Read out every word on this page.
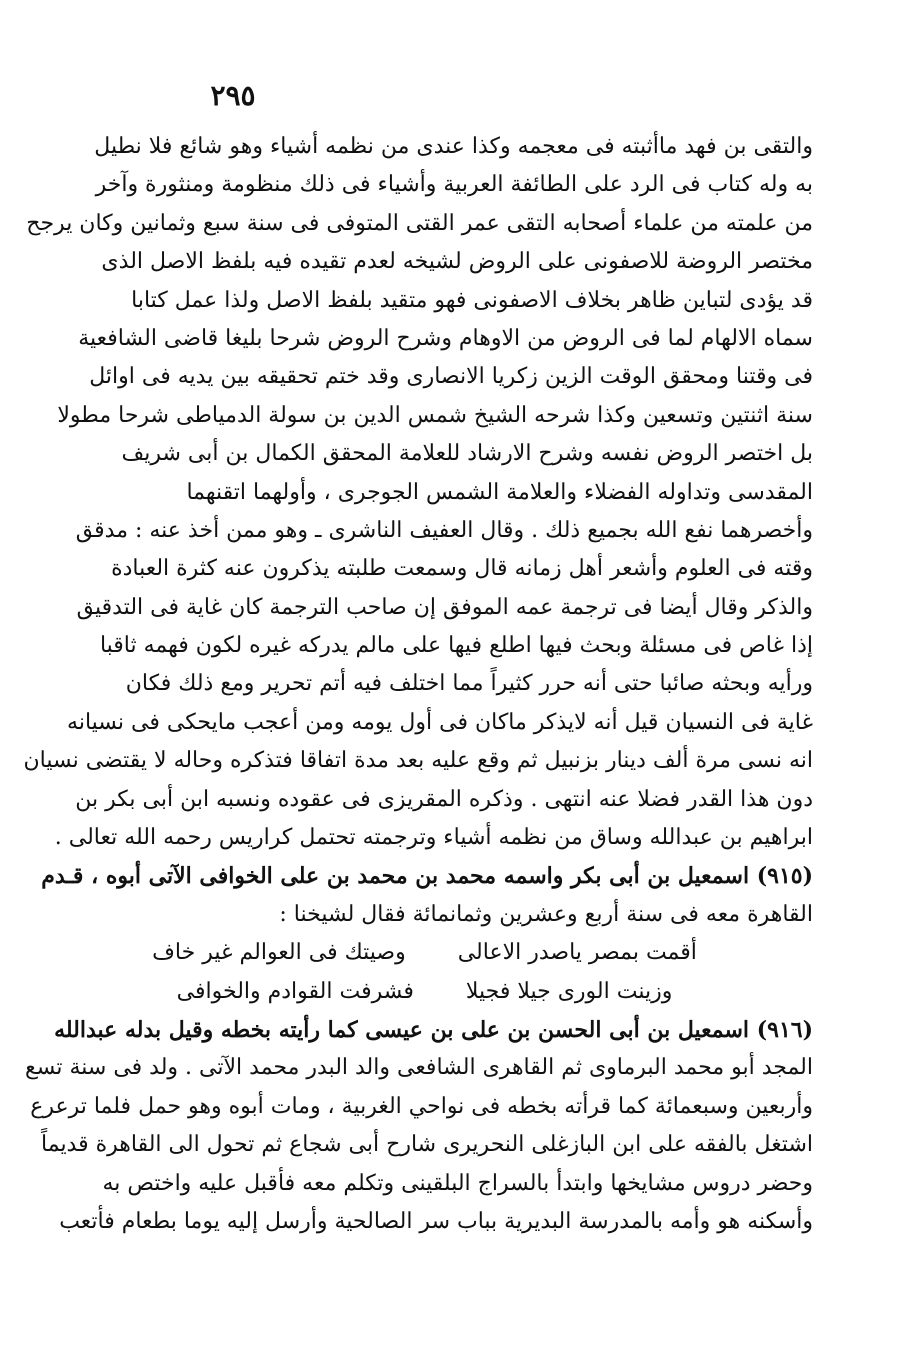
٢٩٥
والتقى بن فهد ماأثبته فى معجمه وكذا عندى من نظمه أشياء وهو شائع فلا نطيل
به وله كتاب فى الرد على الطائفة العربية وأشياء فى ذلك منظومة ومنثورة وآخر
من علمته من علماء أصحابه التقى عمر القتى المتوفى فى سنة سبع وثمانين وكان يرجح
مختصر الروضة للاصفونى على الروض لشيخه لعدم تقيده فيه بلفظ الاصل الذى
قد يؤدى لتباين ظاهر بخلاف الاصفونى فهو متقيد بلفظ الاصل ولذا عمل كتابا
سماه الالهام لما فى الروض من الاوهام وشرح الروض شرحا بليغا قاضى الشافعية
فى وقتنا ومحقق الوقت الزين زكريا الانصارى وقد ختم تحقيقه بين يديه فى اوائل
سنة اثنتين وتسعين وكذا شرحه الشيخ شمس الدين بن سولة الدمياطى شرحا مطولا
بل اختصر الروض نفسه وشرح الارشاد للعلامة المحقق الكمال بن أبى شريف
المقدسى وتداوله الفضلاء والعلامة الشمس الجوجرى ، وأولهما اتقنهما
وأخصرهما نفع الله بجميع ذلك . وقال العفيف الناشرى ـ وهو ممن أخذ عنه : مدقق
وقته فى العلوم وأشعر أهل زمانه قال وسمعت طلبته يذكرون عنه كثرة العبادة
والذكر وقال أيضا فى ترجمة عمه الموفق إن صاحب الترجمة كان غاية فى التدقيق
إذا غاص فى مسئلة وبحث فيها اطلع فيها على مالم يدركه غيره لكون فهمه ثاقبا
ورأيه وبحثه صائبا حتى أنه حرر كثيراً مما اختلف فيه أتم تحرير ومع ذلك فكان
غاية فى النسيان قيل أنه لايذكر ماكان فى أول يومه ومن أعجب مايحكى فى نسيانه
انه نسى مرة ألف دينار بزنبيل ثم وقع عليه بعد مدة اتفاقا فتذكره وحاله لا يقتضى نسيان
دون هذا القدر فضلا عنه انتهى . وذكره المقريزى فى عقوده ونسبه ابن أبى بكر بن
ابراهيم بن عبدالله وساق من نظمه أشياء وترجمته تحتمل كراريس رحمه الله تعالى .
(٩١٥) اسمعيل بن أبى بكر واسمه محمد بن محمد بن على الخوافى الآتى أبوه ، قـدم
القاهرة معه فى سنة أربع وعشرين وثمانمائة فقال لشيخنا :
أقمت بمصر ياصدر الاعالى
وصيتك فى العوالم غير خاف
وزينت الورى جيلا فجيلا
فشرفت القوادم والخوافى
(٩١٦) اسمعيل بن أبى الحسن بن على بن عيسى كما رأيته بخطه وقيل بدله عبدالله
المجد أبو محمد البرماوى ثم القاهرى الشافعى والد البدر محمد الآتى . ولد فى سنة تسع
وأربعين وسبعمائة كما قرأته بخطه فى نواحي الغربية ، ومات أبوه وهو حمل فلما ترعرع
اشتغل بالفقه على ابن البازغلى النحريرى شارح أبى شجاع ثم تحول الى القاهرة قديماً
وحضر دروس مشايخها وابتدأ بالسراج البلقينى وتكلم معه فأقبل عليه واختص به
وأسكنه هو وأمه بالمدرسة البديرية بباب سر الصالحية وأرسل إليه يوما بطعام فأتعب
